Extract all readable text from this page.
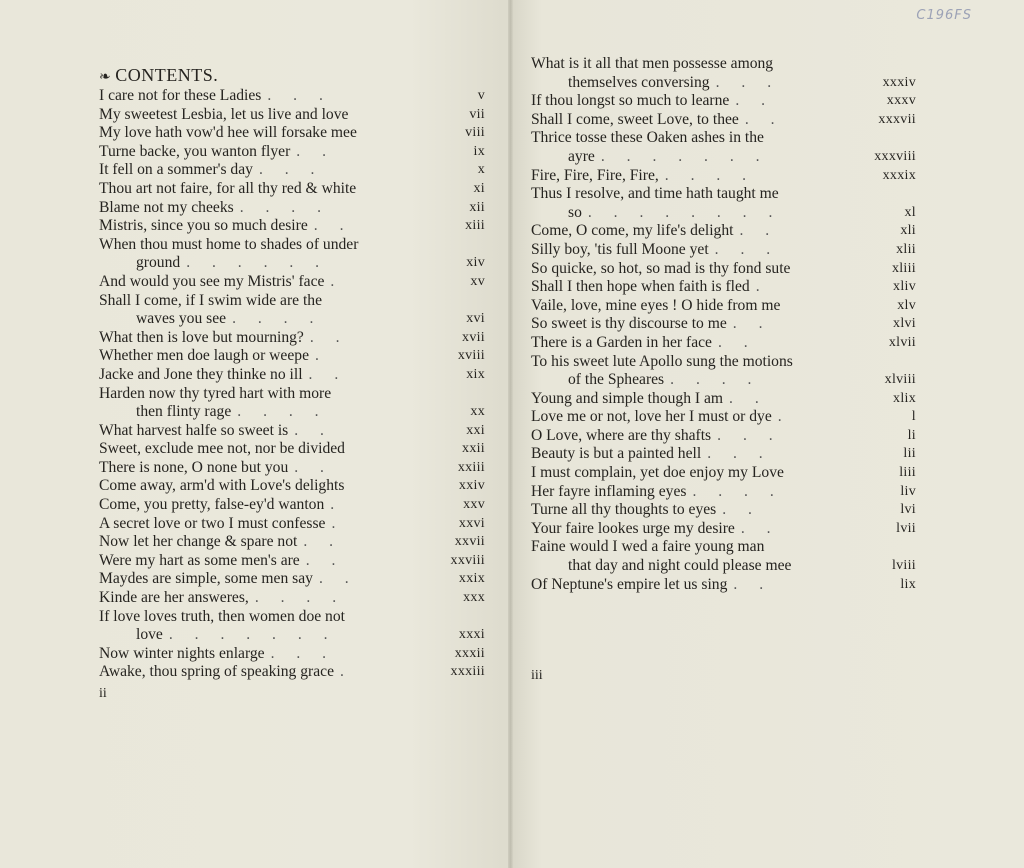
C196FS
❧ CONTENTS.
I care not for these Ladies . . .	v
My sweetest Lesbia, let us live and love	vii
My love hath vow'd hee will forsake mee	viii
Turne backe, you wanton flyer . .	ix
It fell on a sommer's day . . .	x
Thou art not faire, for all thy red & white	xi
Blame not my cheeks . . . .	xii
Mistris, since you so much desire . .	xiii
When thou must home to shades of under
ground . . . . . .	xiv
And would you see my Mistris' face .	xv
Shall I come, if I swim wide are the
waves you see . . . .	xvi
What then is love but mourning? . .	xvii
Whether men doe laugh or weepe .	xviii
Jacke and Jone they thinke no ill . .	xix
Harden now thy tyred hart with more
then flinty rage . . . .	xx
What harvest halfe so sweet is . .	xxi
Sweet, exclude mee not, nor be divided	xxii
There is none, O none but you . .	xxiii
Come away, arm'd with Love's delights	xxiv
Come, you pretty, false-ey'd wanton .	xxv
A secret love or two I must confesse .	xxvi
Now let her change & spare not . .	xxvii
Were my hart as some men's are . .	xxviii
Maydes are simple, some men say . .	xxix
Kinde are her answeres, . . . .	xxx
If love loves truth, then women doe not
love . . . . . . .	xxxi
Now winter nights enlarge . . .	xxxii
Awake, thou spring of speaking grace .	xxxiii
What is it all that men possesse among
themselves conversing . . .	xxxiv
If thou longst so much to learne . .	xxxv
Shall I come, sweet Love, to thee . .	xxxvii
Thrice tosse these Oaken ashes in the
ayre . . . . . . .	xxxviii
Fire, Fire, Fire, Fire, . . . .	xxxix
Thus I resolve, and time hath taught me
so . . . . . . . .	xl
Come, O come, my life's delight . .	xli
Silly boy, 'tis full Moone yet . . .	xlii
So quicke, so hot, so mad is thy fond sute	xliii
Shall I then hope when faith is fled .	xliv
Vaile, love, mine eyes ! O hide from me	xlv
So sweet is thy discourse to me . .	xlvi
There is a Garden in her face . .	xlvii
To his sweet lute Apollo sung the motions
of the Spheares . . . .	xlviii
Young and simple though I am . .	xlix
Love me or not, love her I must or dye .	l
O Love, where are thy shafts . . .	li
Beauty is but a painted hell . . .	lii
I must complain, yet doe enjoy my Love	liii
Her fayre inflaming eyes . . . .	liv
Turne all thy thoughts to eyes . .	lvi
Your faire lookes urge my desire . .	lvii
Faine would I wed a faire young man
that day and night could please mee	lviii
Of Neptune's empire let us sing . .	lix
ii
iii
